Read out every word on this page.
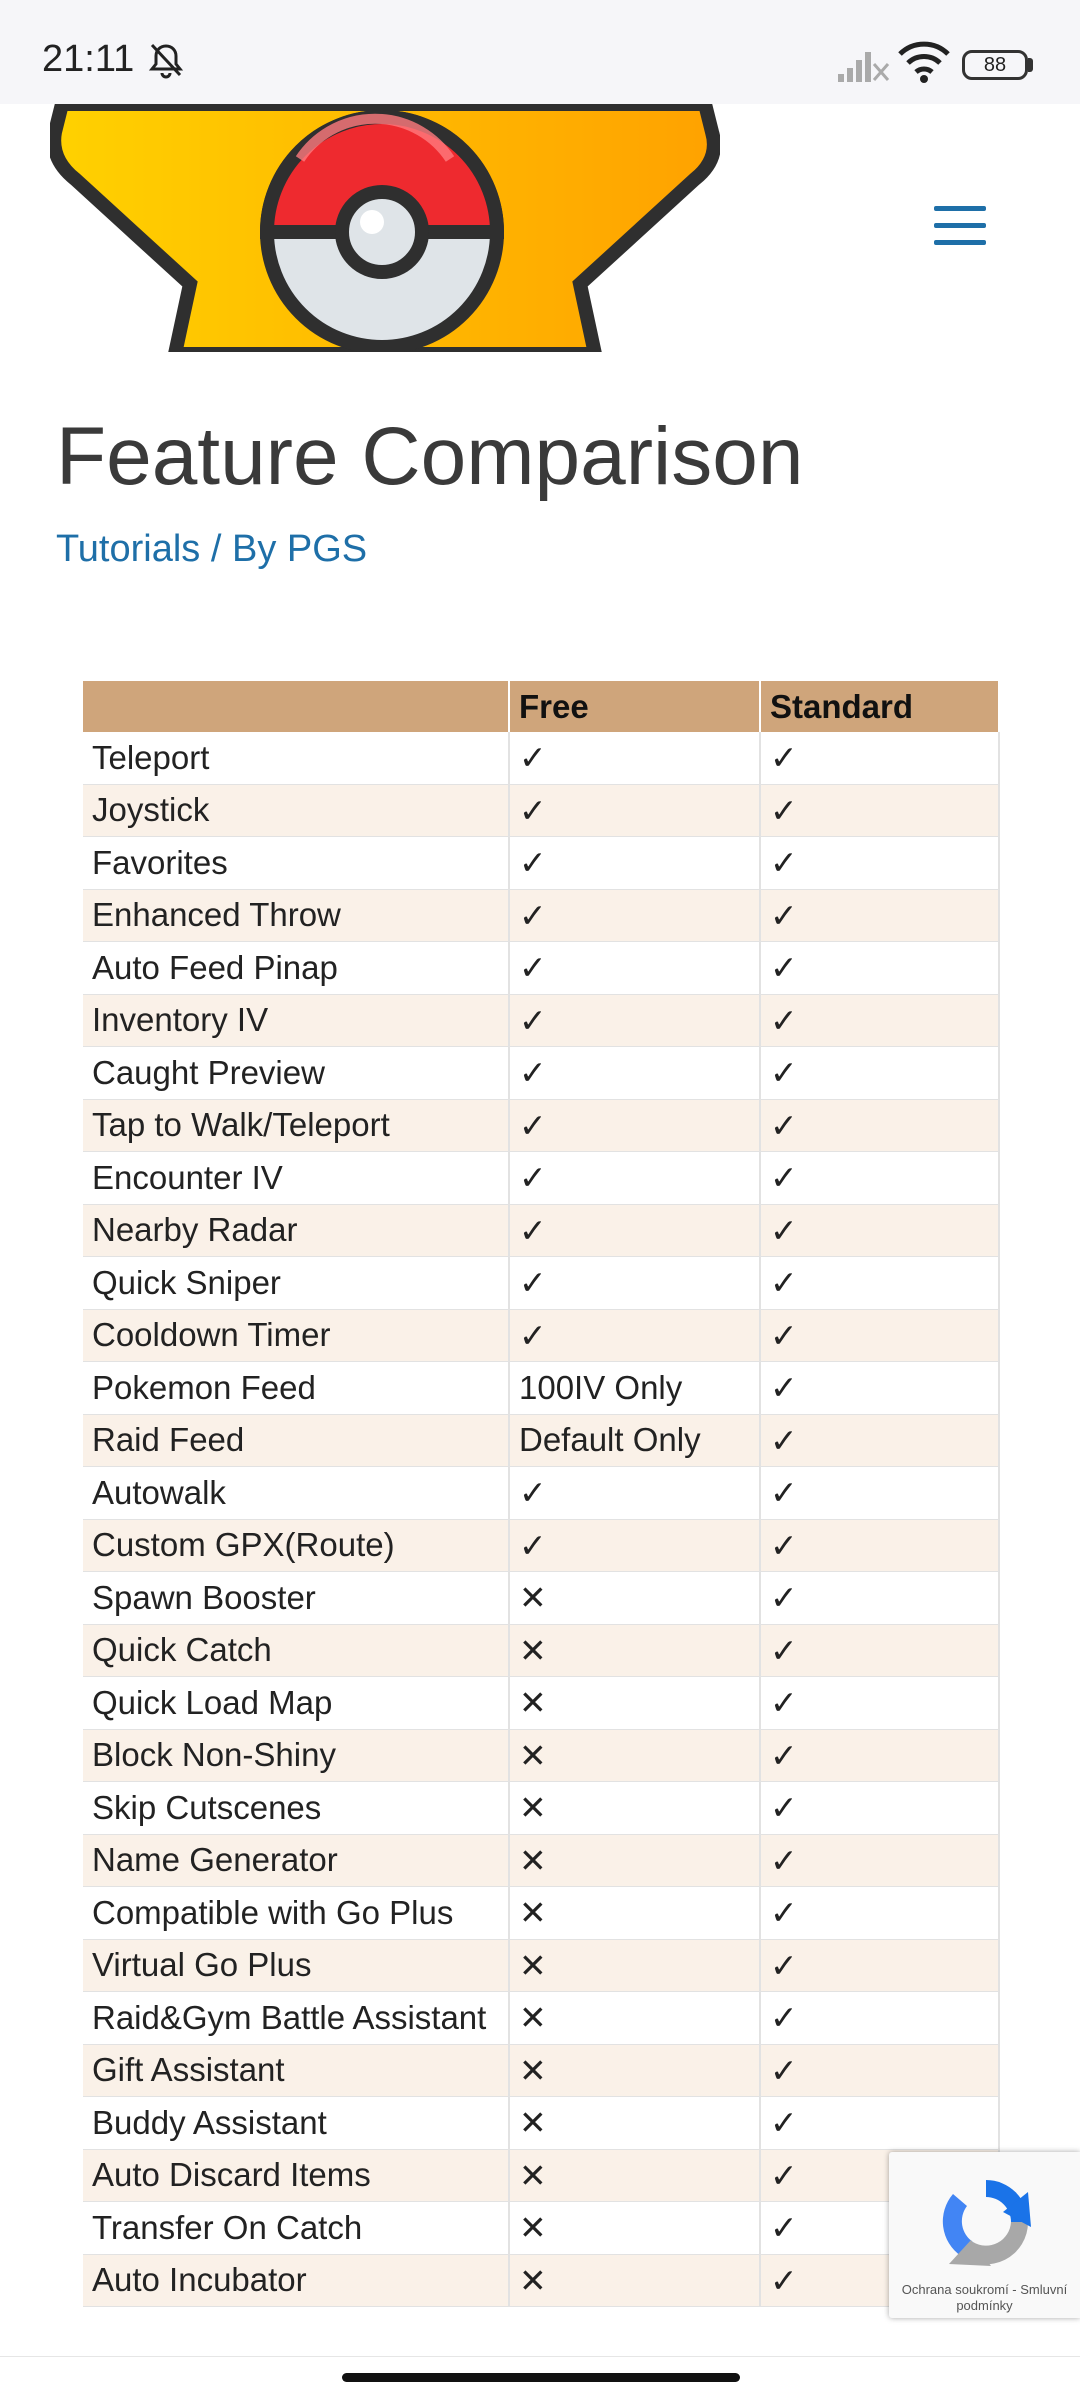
21:11	88
Feature Comparison
Tutorials / By PGS
	Free	Standard
Teleport	✓	✓
Joystick	✓	✓
Favorites	✓	✓
Enhanced Throw	✓	✓
Auto Feed Pinap	✓	✓
Inventory IV	✓	✓
Caught Preview	✓	✓
Tap to Walk/Teleport	✓	✓
Encounter IV	✓	✓
Nearby Radar	✓	✓
Quick Sniper	✓	✓
Cooldown Timer	✓	✓
Pokemon Feed	100IV Only	✓
Raid Feed	Default Only	✓
Autowalk	✓	✓
Custom GPX(Route)	✓	✓
Spawn Booster	✕	✓
Quick Catch	✕	✓
Quick Load Map	✕	✓
Block Non-Shiny	✕	✓
Skip Cutscenes	✕	✓
Name Generator	✕	✓
Compatible with Go Plus	✕	✓
Virtual Go Plus	✕	✓
Raid&Gym Battle Assistant	✕	✓
Gift Assistant	✕	✓
Buddy Assistant	✕	✓
Auto Discard Items	✕	✓
Transfer On Catch	✕	✓
Auto Incubator	✕	✓	Ochrana soukromí - Smluvní
podmínky
